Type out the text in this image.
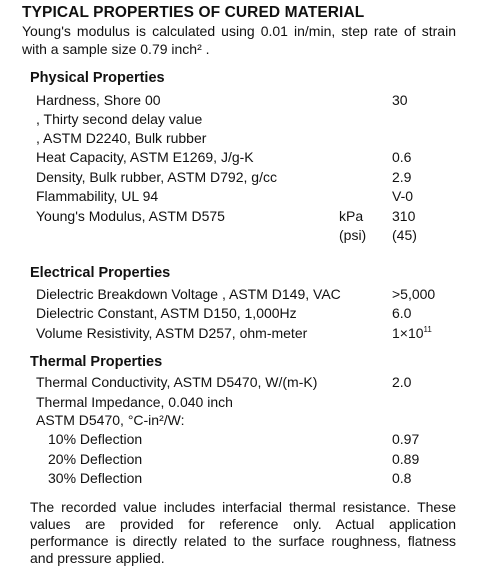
TYPICAL PROPERTIES OF CURED MATERIAL
Young's modulus is calculated using 0.01 in/min, step rate of strain with a sample size 0.79 inch² .
Physical Properties
Hardness, Shore 00	30
, Thirty second delay value
, ASTM D2240, Bulk rubber
Heat Capacity, ASTM E1269, J/g-K	0.6
Density, Bulk rubber, ASTM D792, g/cc	2.9
Flammability, UL 94	V-0
Young's Modulus, ASTM D575	kPa 310
(psi) (45)
Electrical Properties
Dielectric Breakdown Voltage , ASTM D149, VAC	>5,000
Dielectric Constant, ASTM D150, 1,000Hz	6.0
Volume Resistivity, ASTM D257, ohm-meter	$1\times 10^{11}$
Thermal Properties
Thermal Conductivity, ASTM D5470, W/(m-K)	2.0
Thermal Impedance, 0.040 inch
ASTM D5470, °C-in²/W:
10% Deflection	0.97
20% Deflection	0.89
30% Deflection	0.8
The recorded value includes interfacial thermal resistance. These values are provided for reference only. Actual application performance is directly related to the surface roughness, flatness and pressure applied.
